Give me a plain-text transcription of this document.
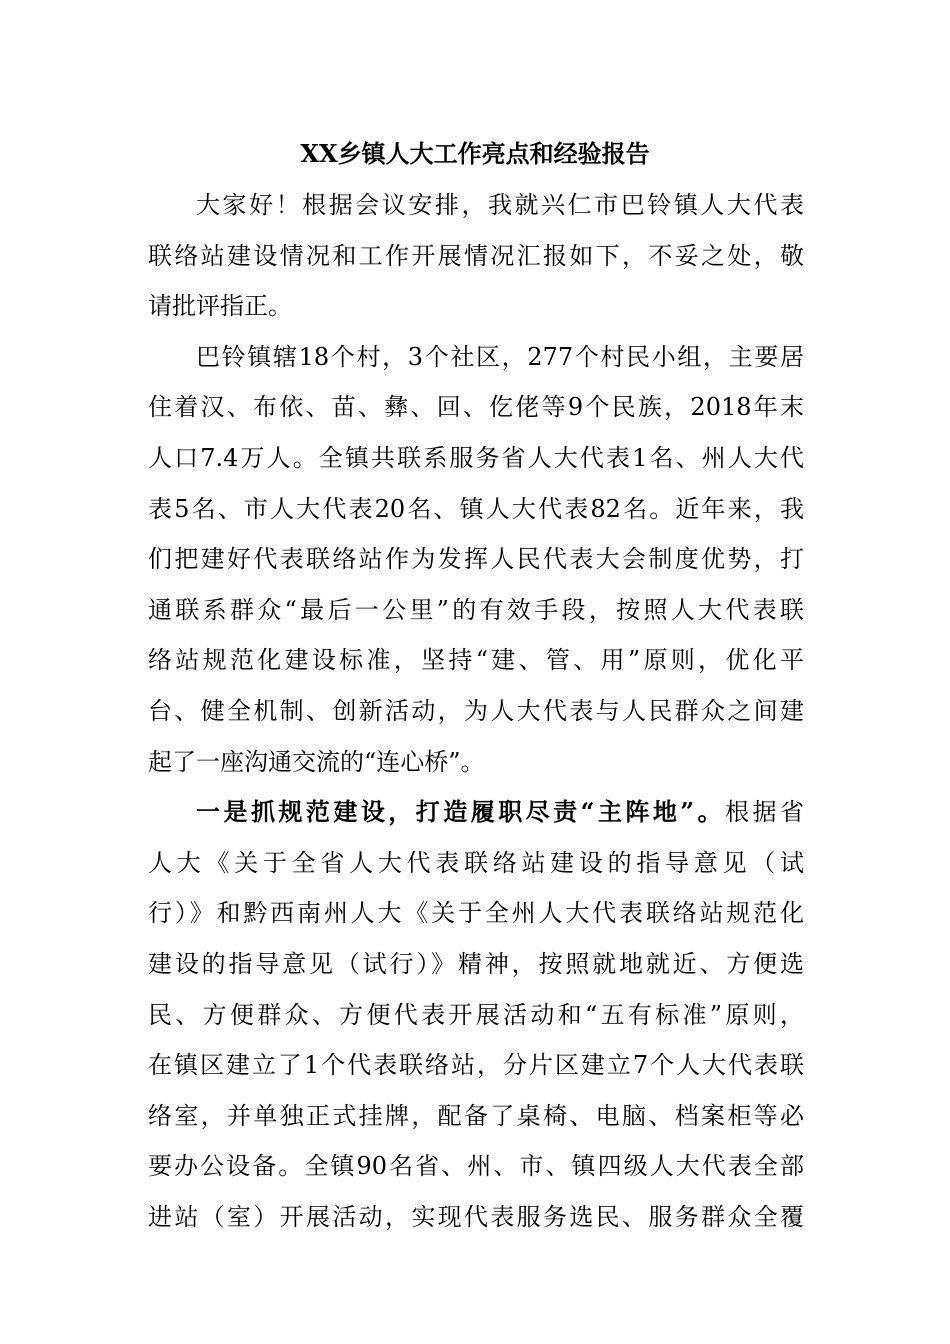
XX乡镇人大工作亮点和经验报告
大家好！根据会议安排，我就兴仁市巴铃镇人大代表
联络站建设情况和工作开展情况汇报如下，不妥之处，敬
请批评指正。
巴铃镇辖18个村，3个社区，277个村民小组，主要居
住着汉、布依、苗、彝、回、仡佬等9个民族，2018年末
人口7.4万人。全镇共联系服务省人大代表1名、州人大代
表5名、市人大代表20名、镇人大代表82名。近年来，我
们把建好代表联络站作为发挥人民代表大会制度优势，打
通联系群众“最后一公里”的有效手段，按照人大代表联
络站规范化建设标准，坚持“建、管、用”原则，优化平
台、健全机制、创新活动，为人大代表与人民群众之间建
起了一座沟通交流的“连心桥”。
一是抓规范建设，打造履职尽责“主阵地”。根据省
人大《关于全省人大代表联络站建设的指导意见（试
行）》和黔西南州人大《关于全州人大代表联络站规范化
建设的指导意见（试行）》精神，按照就地就近、方便选
民、方便群众、方便代表开展活动和“五有标准”原则，
在镇区建立了1个代表联络站，分片区建立7个人大代表联
络室，并单独正式挂牌，配备了桌椅、电脑、档案柜等必
要办公设备。全镇90名省、州、市、镇四级人大代表全部
进站（室）开展活动，实现代表服务选民、服务群众全覆
